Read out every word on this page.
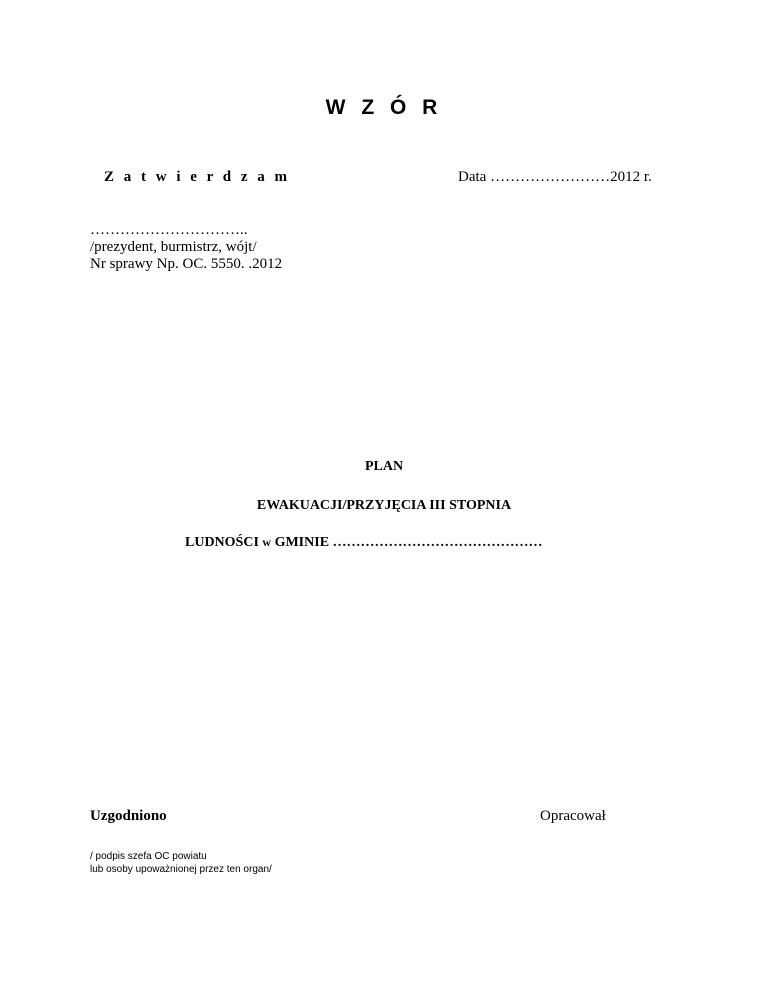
W Z Ó R
Z a t w i e r d z a m	Data ……………………2012 r.
…………………………..
/prezydent, burmistrz, wójt/
Nr sprawy Np. OC. 5550. .2012
PLAN
EWAKUACJI/PRZYJĘCIA III STOPNIA
LUDNOŚCI w GMINIE ………………………………………
Uzgodniono	Opracował
/ podpis szefa OC powiatu
lub osoby upoważnionej przez ten organ/
